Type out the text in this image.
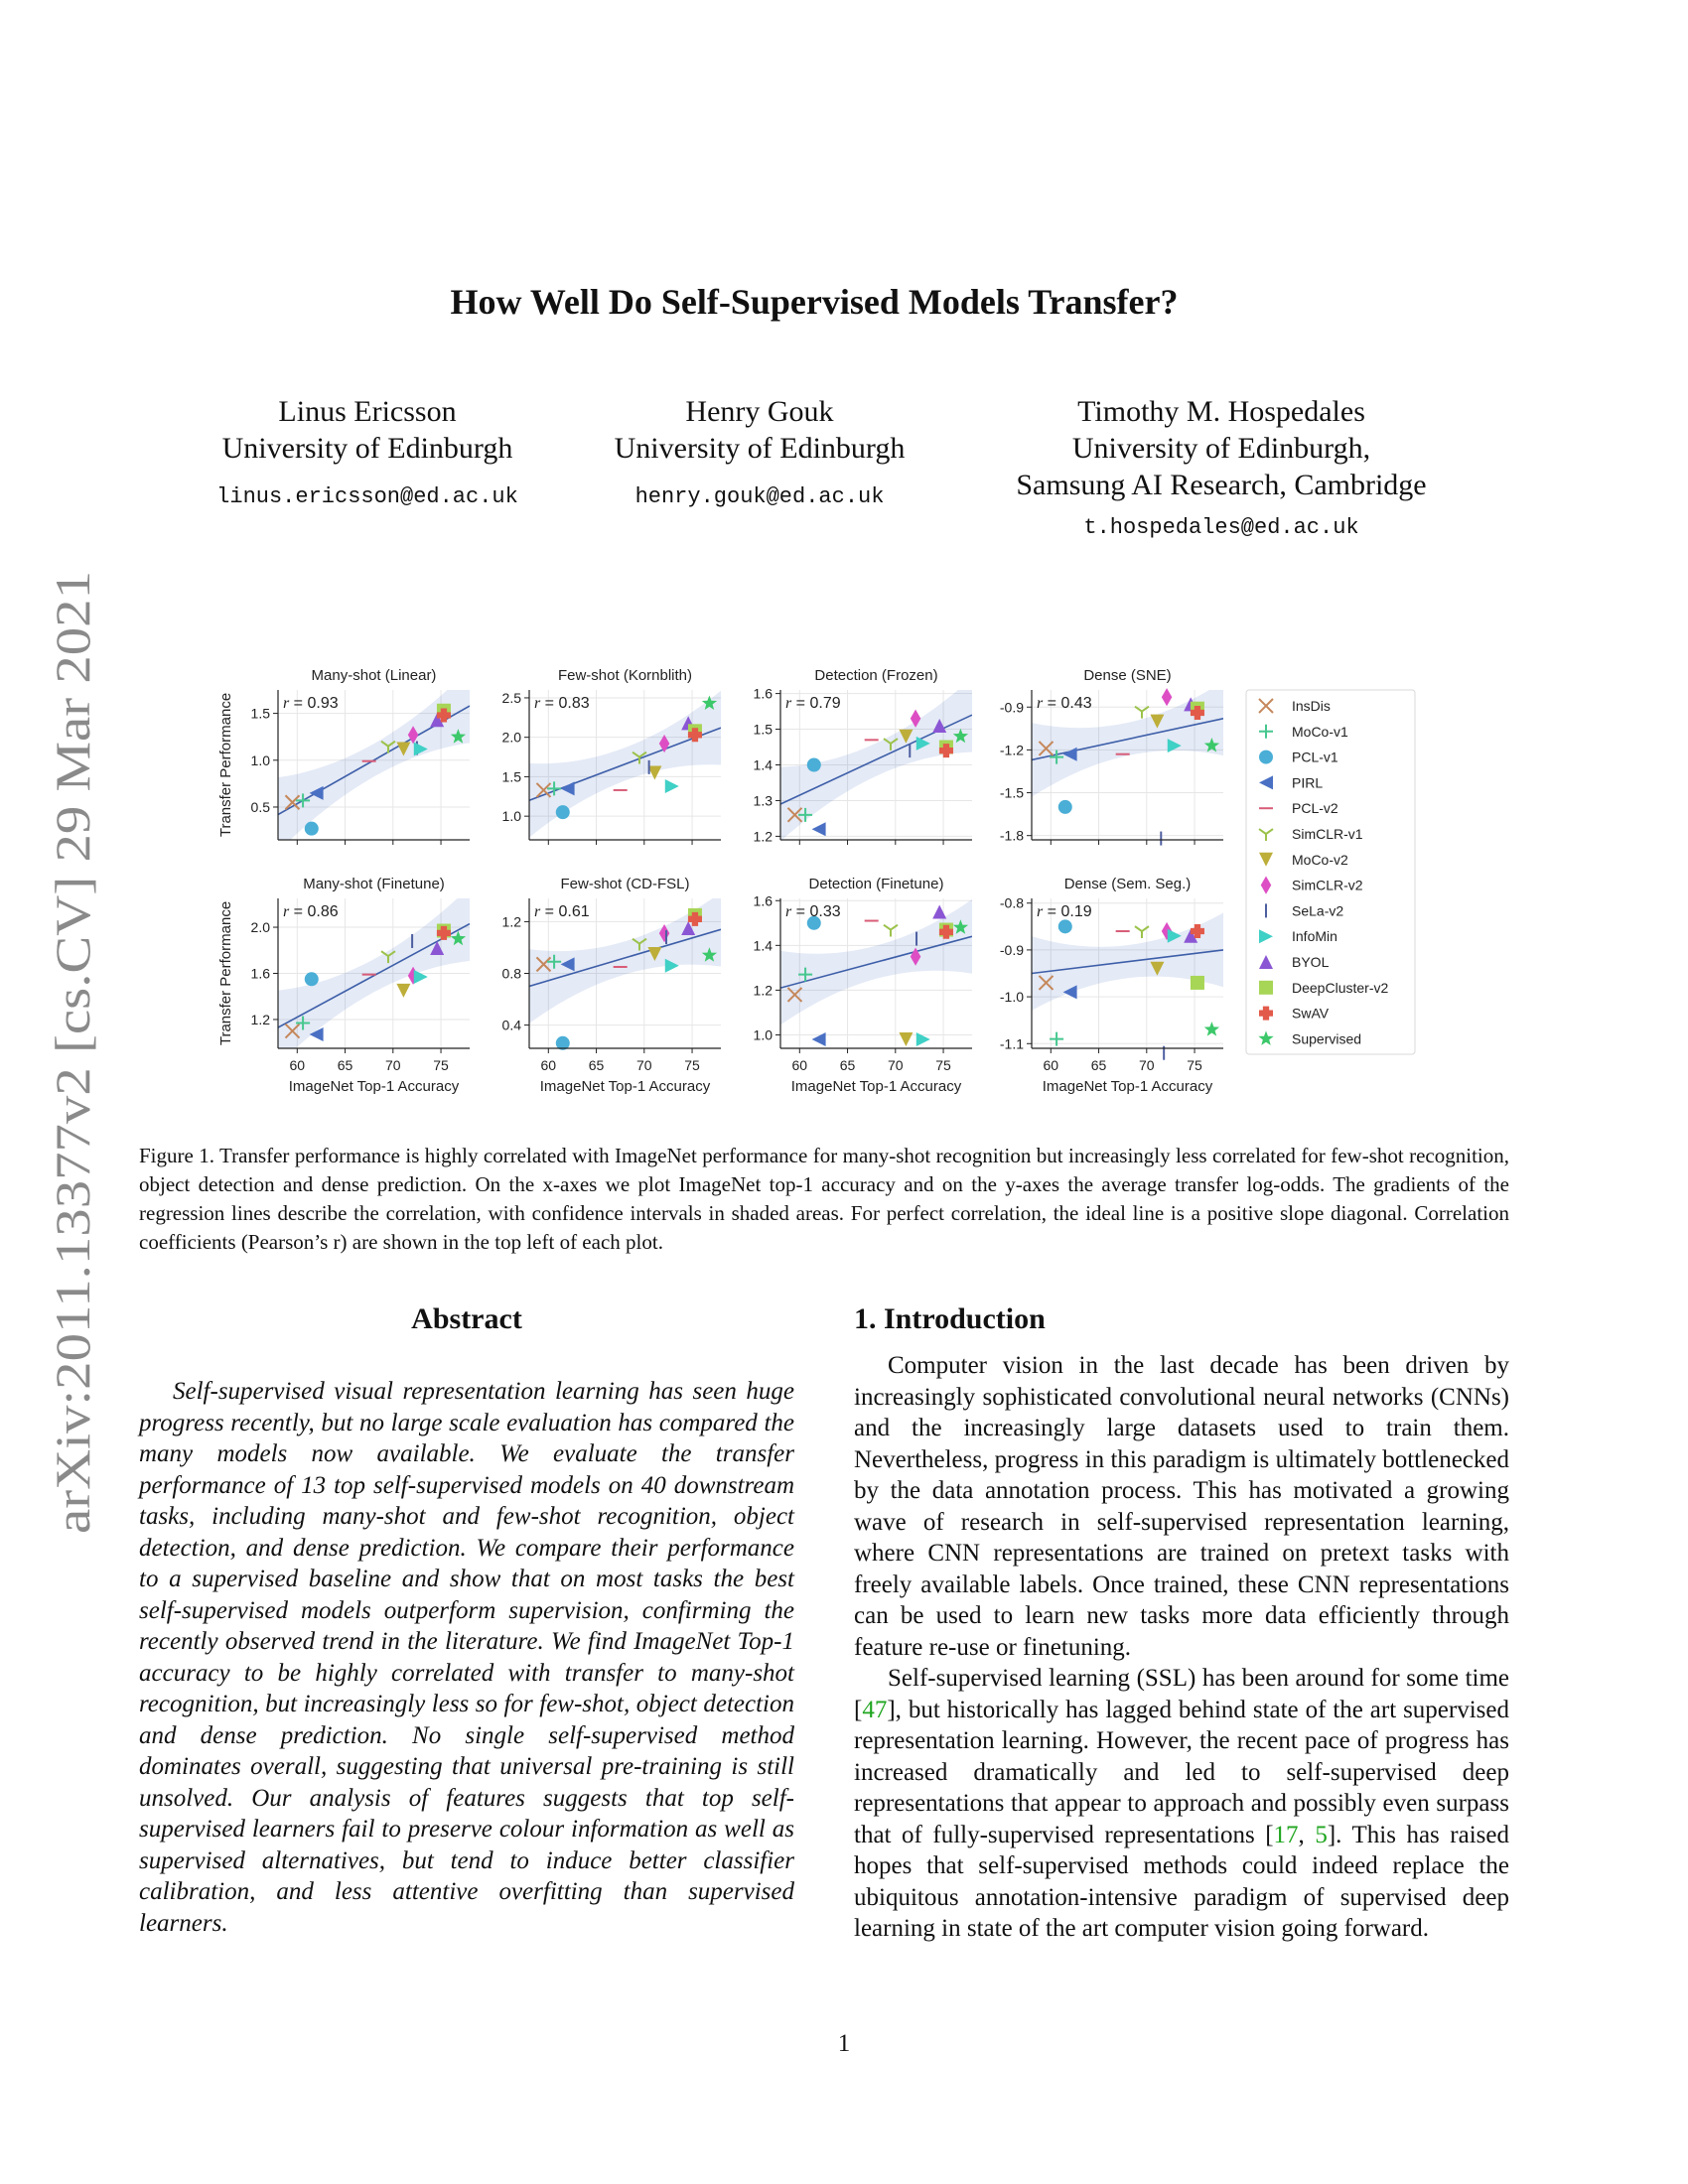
arXiv:2011.13377v2 [cs.CV] 29 Mar 2021
How Well Do Self-Supervised Models Transfer?
Linus Ericsson
University of Edinburgh
linus.ericsson@ed.ac.uk
Henry Gouk
University of Edinburgh
henry.gouk@ed.ac.uk
Timothy M. Hospedales
University of Edinburgh,
Samsung AI Research, Cambridge
t.hospedales@ed.ac.uk
0.5
1.0
1.5
Many-shot (Linear)
r = 0.93
Transfer Performance	1.0
1.5
2.0
2.5
Few-shot (Kornblith)
r = 0.83
1.2
1.3
1.4
1.5
1.6
Detection (Frozen)
r = 0.79
-1.8
-1.5
-1.2
-0.9
Dense (SNE)
r = 0.43
1.2
1.6
2.0
60 65 70 75
Many-shot (Finetune)
r = 0.86
ImageNet Top-1 Accuracy
Transfer Performance	0.4
0.8
1.2
60 65 70 75
Few-shot (CD-FSL)
r = 0.61
ImageNet Top-1 Accuracy
1.0
1.2
1.4
1.6
60 65 70 75
Detection (Finetune)
r = 0.33
ImageNet Top-1 Accuracy
-1.1
-1.0
-0.9
-0.8
60 65 70 75
Dense (Sem. Seg.)
r = 0.19
ImageNet Top-1 Accuracy
InsDis
MoCo-v1
PCL-v1
PIRL
PCL-v2
SimCLR-v1
MoCo-v2
SimCLR-v2
SeLa-v2
InfoMin
BYOL
DeepCluster-v2
SwAV
Supervised
Figure 1. Transfer performance is highly correlated with ImageNet performance for many-shot recognition but increasingly less correlated for few-shot recognition, object detection and dense prediction. On the x-axes we plot ImageNet top-1 accuracy and on the y-axes the average transfer log-odds. The gradients of the regression lines describe the correlation, with confidence intervals in shaded areas. For perfect correlation, the ideal line is a positive slope diagonal. Correlation coefficients (Pearson’s r) are shown in the top left of each plot.
Abstract
Self-supervised visual representation learning has seen huge progress recently, but no large scale evaluation has compared the many models now available. We evaluate the transfer performance of 13 top self-supervised models on 40 downstream tasks, including many-shot and few-shot recognition, object detection, and dense prediction. We compare their performance to a supervised baseline and show that on most tasks the best self-supervised models outperform supervision, confirming the recently observed trend in the literature. We find ImageNet Top-1 accuracy to be highly correlated with transfer to many-shot recognition, but increasingly less so for few-shot, object detection and dense prediction. No single self-supervised method dominates overall, suggesting that universal pre-training is still unsolved. Our analysis of features suggests that top self-supervised learners fail to preserve colour information as well as supervised alternatives, but tend to induce better classifier calibration, and less attentive overfitting than supervised learners.
1. Introduction

Computer vision in the last decade has been driven by increasingly sophisticated convolutional neural networks (CNNs) and the increasingly large datasets used to train them. Nevertheless, progress in this paradigm is ultimately bottlenecked by the data annotation process. This has motivated a growing wave of research in self-supervised representation learning, where CNN representations are trained on pretext tasks with freely available labels. Once trained, these CNN representations can be used to learn new tasks more data efficiently through feature re-use or finetuning.

Self-supervised learning (SSL) has been around for some time [47], but historically has lagged behind state of the art supervised representation learning. However, the recent pace of progress has increased dramatically and led to self-supervised deep representations that appear to approach and possibly even surpass that of fully-supervised representations [17, 5]. This has raised hopes that self-supervised methods could indeed replace the ubiquitous annotation-intensive paradigm of supervised deep learning in state of the art computer vision going forward.

1
